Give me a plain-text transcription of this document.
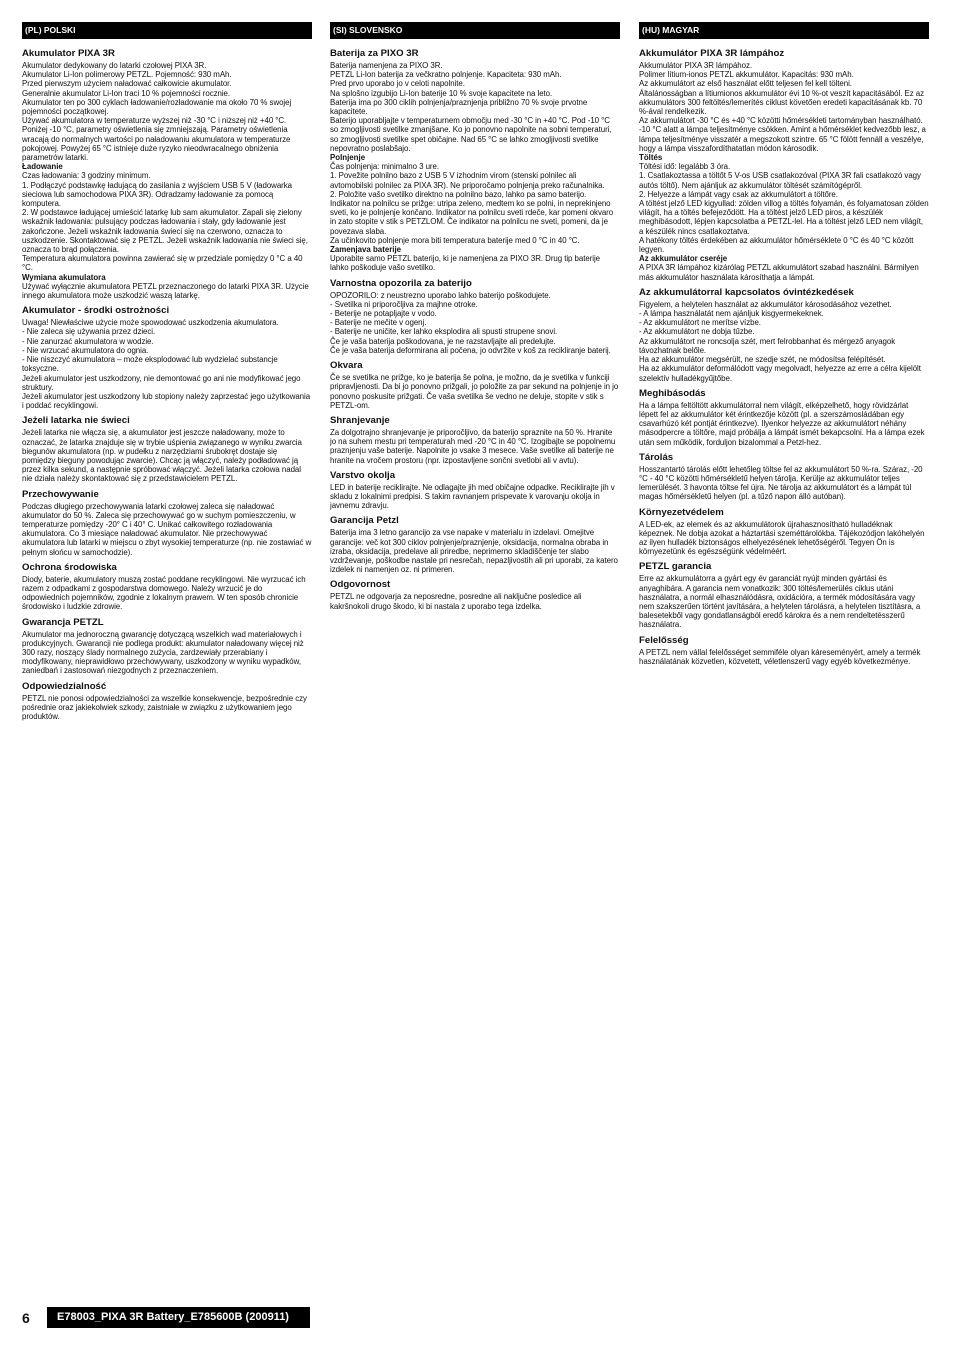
(PL) POLSKI
Akumulator PIXA 3R
Akumulator dedykowany do latarki czołowej PIXA 3R.
Akumulator Li-Ion polimerowy PETZL. Pojemność: 930 mAh.
Przed pierwszym użyciem naładować całkowicie akumulator.
Generalnie akumulator Li-Ion traci 10 % pojemności rocznie.
Akumulator ten po 300 cyklach ładowanie/rozładowanie ma około 70 % swojej pojemności początkowej.
Używać akumulatora w temperaturze wyższej niż -30 °C i niższej niż +40 °C. Poniżej -10 °C, parametry oświetlenia się zmniejszają. Parametry oświetlenia wracają do normalnych wartości po naładowaniu akumulatora w temperaturze pokojowej. Powyżej 65 °C istnieje duże ryzyko nieodwracalnego obniżenia parametrów latarki.
Ładowanie
Czas ładowania: 3 godziny minimum.
1. Podłączyć podstawkę ładującą do zasilania z wyjściem USB 5 V (ładowarka sieciowa lub samochodowa PIXA 3R). Odradzamy ładowanie za pomocą komputera.
2. W podstawce ładującej umieścić latarkę lub sam akumulator. Zapali się zielony wskaźnik ładowania: pulsujący podczas ładowania i stały, gdy ładowanie jest zakończone. Jeżeli wskaźnik ładowania świeci się na czerwono, oznacza to uszkodzenie. Skontaktować się z PETZL. Jeżeli wskaźnik ładowania nie świeci się, oznacza to brąd połączenia.
Temperatura akumulatora powinna zawierać się w przedziale pomiędzy 0 °C a 40 °C.
Wymiana akumulatora
Używać wyłącznie akumulatora PETZL przeznaczonego do latarki PIXA 3R. Użycie innego akumulatora może uszkodzić waszą latarkę.
Akumulator - środki ostrożności
Uwaga! Niewłaściwe użycie może spowodować uszkodzenia akumulatora.
- Nie zaleca się używania przez dzieci.
- Nie zanurzać akumulatora w wodzie.
- Nie wrzucać akumulatora do ognia.
- Nie niszczyć akumulatora – może eksplodować lub wydzielać substancje toksyczne.
Jeżeli akumulator jest uszkodzony, nie demontować go ani nie modyfikować jego struktury.
Jeżeli akumulator jest uszkodzony lub stopiony należy zaprzestać jego użytkowania i poddać recyklingowi.
Jeżeli latarka nie świeci
Jeżeli latarka nie włącza się, a akumulator jest jeszcze naładowany, może to oznaczać, że latarka znajduje się w trybie uśpienia związanego w wyniku zwarcia biegunów akumulatora (np. w pudełku z narzędziami śrubokręt dostaje się pomiędzy bieguny powodując zwarcie). Chcąc ją włączyć, należy podładować ją przez kilka sekund, a następnie spróbować włączyć. Jeżeli latarka czołowa nadal nie działa należy skontaktować się z przedstawicielem PETZL.
Przechowywanie
Podczas długiego przechowywania latarki czołowej zaleca się naładować akumulator do 50 %. Zaleca się przechowywać go w suchym pomieszczeniu, w temperaturze pomiędzy -20° C i 40° C. Unikać całkowitego rozładowania akumulatora. Co 3 miesiące naładować akumulator. Nie przechowywać akumulatora lub latarki w miejscu o zbyt wysokiej temperaturze (np. nie zostawiać w pełnym słońcu w samochodzie).
Ochrona środowiska
Diody, baterie, akumulatory muszą zostać poddane recyklingowi. Nie wyrzucać ich razem z odpadkami z gospodarstwa domowego. Należy wrzucić je do odpowiednich pojemników, zgodnie z lokalnym prawem. W ten sposób chronicie środowisko i ludzkie zdrowie.
Gwarancja PETZL
Akumulator ma jednoroczną gwarancję dotyczącą wszelkich wad materiałowych i produkcyjnych. Gwarancji nie podlega produkt: akumulator naładowany więcej niż 300 razy, noszący ślady normalnego zużycia, zardzewiały przerabiany i modyfikowany, nieprawidłowo przechowywany, uszkodzony w wyniku wypadków, zaniedbań i zastosowań niezgodnych z przeznaczeniem.
Odpowiedzialność
PETZL nie ponosi odpowiedzialności za wszelkie konsekwencje, bezpośrednie czy pośrednie oraz jakiekolwiek szkody, zaistniałe w związku z użytkowaniem jego produktów.
(SI) SLOVENSKO
Baterija za PIXO 3R
Baterija namenjena za PIXO 3R.
PETZL Li-Ion baterija za večkratno polnjenje. Kapaciteta: 930 mAh.
Pred prvo uporabo jo v celoti napolnite.
Na splošno izgubijo Li-Ion baterije 10 % svoje kapacitete na leto.
Baterija ima po 300 ciklih polnjenja/praznjenja približno 70 % svoje prvotne kapacitete.
Baterijo uporabljajte v temperaturnem območju med -30 °C in +40 °C. Pod -10 °C so zmogljivosti svetilke zmanjšane. Ko jo ponovno napolnite na sobni temperaturi, so zmogljivosti svetilke spet običajne. Nad 65 °C se lahko zmogljivosti svetilke nepovratno poslabšajo.
Polnjenje
Čas polnjenja: minimalno 3 ure.
1. Povežite polnilno bazo z USB 5 V izhodnim virom (stenski polnilec ali avtomobilski polnilec za PIXA 3R). Ne priporočamo polnjenja preko računalnika.
2. Položite vašo svetilko direktno na polnilno bazo, lahko pa samo baterijo.
Indikator na polnilcu se prižge: utripa zeleno, medtem ko se polni, in neprekinjeno sveti, ko je polnjenje končano. Indikator na polnilcu sveti rdeče, kar pomeni okvaro in zato stopite v stik s PETZLOM. Če indikator na polnilcu ne sveti, pomeni, da je povezava slaba.
Za učinkovito polnjenje mora biti temperatura baterije med 0 °C in 40 °C.
Zamenjava baterije
Uporabite samo PETZL baterijo, ki je namenjena za PIXO 3R. Drug tip baterije lahko poškoduje vašo svetilko.
Varnostna opozorila za baterijo
OPOZORILO: z neustrezno uporabo lahko baterijo poškodujete.
- Svetilka ni priporočljiva za majhne otroke.
- Beterije ne potapljajte v vodo.
- Baterije ne mečite v ogenj.
- Baterije ne uničite, ker lahko eksplodira ali spusti strupene snovi.
Če je vaša baterija poškodovana, je ne razstavljajte ali predelujte.
Če je vaša baterija deformirana ali počena, jo odvržite v koš za recikliranje baterij.
Okvara
Če se svetilka ne prižge, ko je baterija še polna, je možno, da je svetilka v funkciji pripravljenosti. Da bi jo ponovno prižgali, jo položite za par sekund na polnjenje in jo ponovno poskusite prižgati. Če vaša svetilka še vedno ne deluje, stopite v stik s PETZL-om.
Shranjevanje
Za dolgotrajno shranjevanje je priporočljivo, da baterijo spraznite na 50 %. Hranite jo na suhem mestu pri temperaturah med -20 °C in 40 °C. Izogibajte se popolnemu praznjenju vaše baterije. Napolnite jo vsake 3 mesece. Vaše svetilke ali baterije ne hranite na vročem prostoru (npr. izpostavljene sončni svetlobi ali v avtu).
Varstvo okolja
LED in baterije reciklirajte. Ne odlagajte jih med običajne odpadke. Reciklirajte jih v skladu z lokalnimi predpisi. S takim ravnanjem prispevate k varovanju okolja in javnemu zdravju.
Garancija Petzl
Baterija ima 3 letno garancijo za vse napake v materialu in izdelavi. Omejitve garancije: več kot 300 ciklov polnjenje/praznjenje, oksidacija, normalna obraba in izraba, oksidacija, predelave ali priredbe, neprimerno skladiščenje ter slabo vzdrževanje, poškodbe nastale pri nesrečah, nepazljivostih ali pri uporabi, za katero izdelek ni namenjen oz. ni primeren.
Odgovornost
PETZL ne odgovarja za neposredne, posredne ali naključne posledice ali kakršnokoli drugo škodo, ki bi nastala z uporabo tega izdelka.
(HU) MAGYAR
Akkumulátor PIXA 3R lámpához
Akkumulátor PIXA 3R lámpához.
Polimer lítium-ionos PETZL akkumulátor. Kapacitás: 930 mAh.
Az akkumulátort az első használat előtt teljesen fel kell tölteni.
Általánosságban a lítiumionos akkumulátor évi 10 %-ot veszít kapacitásából. Ez az akkumulátors 300 feltöltés/lemerítés ciklust követően eredeti kapacitásának kb. 70 %-ával rendelkezik.
Az akkumulátort -30 °C és +40 °C közötti hőmérsékleti tartományban használható. -10 °C alatt a lámpa teljesítménye csökken. Amint a hőmérséklet kedvezőbb lesz, a lámpa teljesítménye visszatér a megszokott szintre. 65 °C fölött fennáll a veszélye, hogy a lámpa visszafordíthatatlan módon károsodik.
Töltés
Töltési idő: legalább 3 óra.
1. Csatlakoztassa a töltőt 5 V-os USB csatlakozóval (PIXA 3R fali csatlakozó vagy autós töltő). Nem ajánljuk az akkumulátor töltését számítógépről.
2. Helyezze a lámpát vagy csak az akkumulátort a töltőre.
A töltést jelző LED kigyullad: zölden villog a töltés folyamán, és folyamatosan zölden világít, ha a töltés befejeződött. Ha a töltést jelző LED piros, a készülék meghibásodott, lépjen kapcsolatba a PETZL-lel. Ha a töltést jelző LED nem világít, a készülék nincs csatlakoztatva.
A hatékony töltés érdekében az akkumulátor hőmérséklete 0 °C és 40 °C között legyen.
Az akkumulátor cseréje
A PIXA 3R lámpához kizárólag PETZL akkumulátort szabad használni. Bármilyen más akkumulátor használata károsíthatja a lámpát.
Az akkumulátorral kapcsolatos óvintézkedések
Figyelem, a helytelen használat az akkumulátor károsodásához vezethet.
- A lámpa használatát nem ajánljuk kisgyermekeknek.
- Az akkumulátort ne merítse vízbe.
- Az akkumulátort ne dobja tűzbe.
Az akkumulátort ne roncsolja szét, mert felrobbanhat és mérgező anyagok távozhatnak belőle.
Ha az akkumulátor megsérült, ne szedje szét, ne módosítsa felépítését.
Ha az akkumulátor deformálódott vagy megolvadt, helyezze az erre a célra kijelölt szelektív hulladékgyűjtőbe.
Meghibásodás
Ha a lámpa feltöltött akkumulátorral nem világít, elképzelhető, hogy rövidzárlat lépett fel az akkumulátor két érintkezője között (pl. a szerszámosládában egy csavarhúzó két pontját érintkezve). Ilyenkor helyezze az akkumulátort néhány másodpercre a töltőre, majd próbálja a lámpát ismét bekapcsolni. Ha a lámpa ezek után sem működik, forduljon bizalommal a Petzl-hez.
Tárolás
Hosszantartó tárolás előtt lehetőleg töltse fel az akkumulátort 50 %-ra. Száraz, -20 °C - 40 °C közötti hőmérsékletű helyen tárolja. Kerülje az akkumulátor teljes lemerülését. 3 havonta töltse fel újra. Ne tárolja az akkumulátort és a lámpát túl magas hőmérsékletű helyen (pl. a tűző napon álló autóban).
Környezetvédelem
A LED-ek, az elemek és az akkumulátorok újrahasznosítható hulladéknak képeznek. Ne dobja azokat a háztartási szeméttárolókba. Tájékozódjon lakóhelyén az ilyen hulladék biztonságos elhelyezésének lehetőségéről. Tegyen Ön is környezetünk és egészségünk védelméért.
PETZL garancia
Erre az akkumulátorra a gyárt egy év garanciát nyújt minden gyártási és anyaghibára. A garancia nem vonatkozik: 300 töltés/lemerülés ciklus utáni használatra, a normál elhasználódásra, oxidációra, a termék módosítására vagy nem szakszerűen történt javítására, a helytelen tárolásra, a helytelen tisztításra, a balesetekből vagy gondatlanságból eredő károkra és a nem rendeltetésszerű használatra.
Felelősség
A PETZL nem vállal felelősséget semmiféle olyan káreseményért, amely a termék használatának közvetlen, közvetett, véletlenszerű vagy egyéb következménye.
6	E78003_PIXA 3R Battery_E785600B (200911)
